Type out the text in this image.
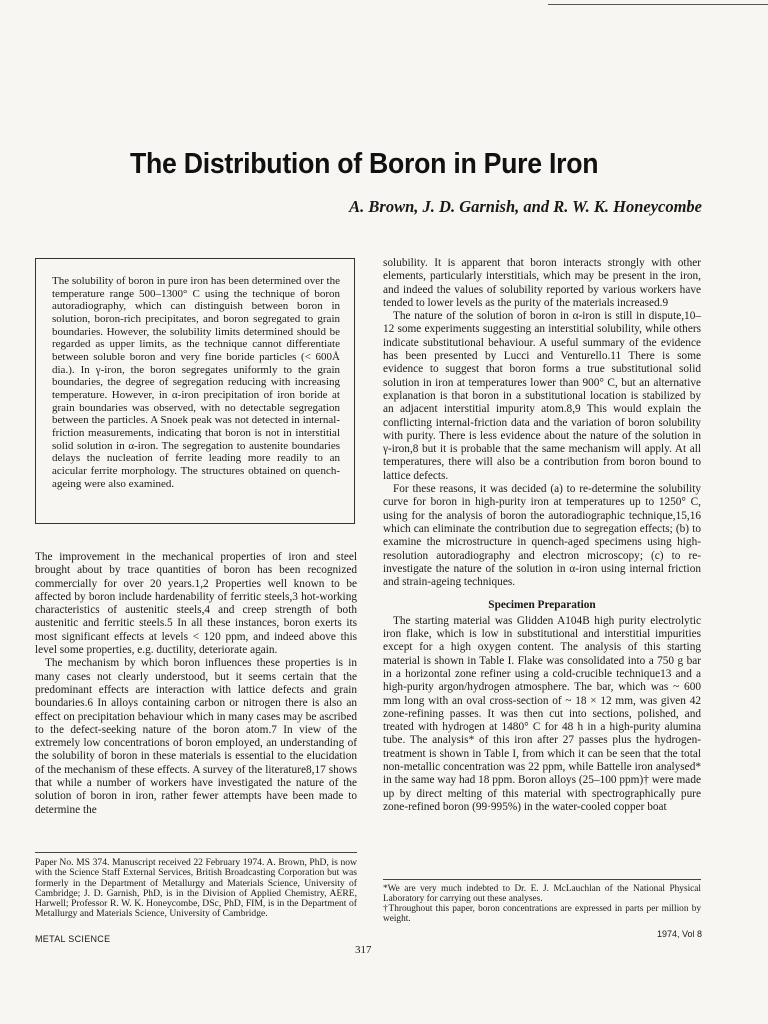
The Distribution of Boron in Pure Iron
A. Brown, J. D. Garnish, and R. W. K. Honeycombe
The solubility of boron in pure iron has been determined over the temperature range 500–1300° C using the technique of boron autoradiography, which can distinguish between boron in solution, boron-rich precipitates, and boron segregated to grain boundaries. However, the solubility limits determined should be regarded as upper limits, as the technique cannot differentiate between soluble boron and very fine boride particles (< 600Å dia.). In γ-iron, the boron segregates uniformly to the grain boundaries, the degree of segregation reducing with increasing temperature. However, in α-iron precipitation of iron boride at grain boundaries was observed, with no detectable segregation between the particles. A Snoek peak was not detected in internal-friction measurements, indicating that boron is not in interstitial solid solution in α-iron. The segregation to austenite boundaries delays the nucleation of ferrite leading more readily to an acicular ferrite morphology. The structures obtained on quench-ageing were also examined.

The improvement in the mechanical properties of iron and steel brought about by trace quantities of boron has been recognized commercially for over 20 years.1,2 Properties well known to be affected by boron include hardenability of ferritic steels,3 hot-working characteristics of austenitic steels,4 and creep strength of both austenitic and ferritic steels.5 In all these instances, boron exerts its most significant effects at levels < 120 ppm, and indeed above this level some properties, e.g. ductility, deteriorate again.

The mechanism by which boron influences these properties is in many cases not clearly understood, but it seems certain that the predominant effects are interaction with lattice defects and grain boundaries.6 In alloys containing carbon or nitrogen there is also an effect on precipitation behaviour which in many cases may be ascribed to the defect-seeking nature of the boron atom.7 In view of the extremely low concentrations of boron employed, an understanding of the solubility of boron in these materials is essential to the elucidation of the mechanism of these effects. A survey of the literature8,17 shows that while a number of workers have investigated the nature of the solution of boron in iron, rather fewer attempts have been made to determine the

solubility. It is apparent that boron interacts strongly with other elements, particularly interstitials, which may be present in the iron, and indeed the values of solubility reported by various workers have tended to lower levels as the purity of the materials increased.9

The nature of the solution of boron in α-iron is still in dispute,10–12 some experiments suggesting an interstitial solubility, while others indicate substitutional behaviour. A useful summary of the evidence has been presented by Lucci and Venturello.11 There is some evidence to suggest that boron forms a true substitutional solid solution in iron at temperatures lower than 900° C, but an alternative explanation is that boron in a substitutional location is stabilized by an adjacent interstitial impurity atom.8,9 This would explain the conflicting internal-friction data and the variation of boron solubility with purity. There is less evidence about the nature of the solution in γ-iron,8 but it is probable that the same mechanism will apply. At all temperatures, there will also be a contribution from boron bound to lattice defects.

For these reasons, it was decided (a) to re-determine the solubility curve for boron in high-purity iron at temperatures up to 1250° C, using for the analysis of boron the autoradiographic technique,15,16 which can eliminate the contribution due to segregation effects; (b) to examine the microstructure in quench-aged specimens using high-resolution autoradiography and electron microscopy; (c) to re-investigate the nature of the solution in α-iron using internal friction and strain-ageing techniques.

Specimen Preparation

The starting material was Glidden A104B high purity electrolytic iron flake, which is low in substitutional and interstitial impurities except for a high oxygen content. The analysis of this starting material is shown in Table I. Flake was consolidated into a 750 g bar in a horizontal zone refiner using a cold-crucible technique13 and a high-purity argon/hydrogen atmosphere. The bar, which was ~ 600 mm long with an oval cross-section of ~ 18 × 12 mm, was given 42 zone-refining passes. It was then cut into sections, polished, and treated with hydrogen at 1480° C for 48 h in a high-purity alumina tube. The analysis* of this iron after 27 passes plus the hydrogen-treatment is shown in Table I, from which it can be seen that the total non-metallic concentration was 22 ppm, while Battelle iron analysed* in the same way had 18 ppm. Boron alloys (25–100 ppm)† were made up by direct melting of this material with spectrographically pure zone-refined boron (99·995%) in the water-cooled copper boat

Paper No. MS 374. Manuscript received 22 February 1974. A. Brown, PhD, is now with the Science Staff External Services, British Broadcasting Corporation but was formerly in the Department of Metallurgy and Materials Science, University of Cambridge; J. D. Garnish, PhD, is in the Division of Applied Chemistry, AERE, Harwell; Professor R. W. K. Honeycombe, DSc, PhD, FIM, is in the Department of Metallurgy and Materials Science, University of Cambridge.

*We are very much indebted to Dr. E. J. McLauchlan of the National Physical Laboratory for carrying out these analyses.

†Throughout this paper, boron concentrations are expressed in parts per million by weight.

METAL SCIENCE
317
1974, Vol 8
